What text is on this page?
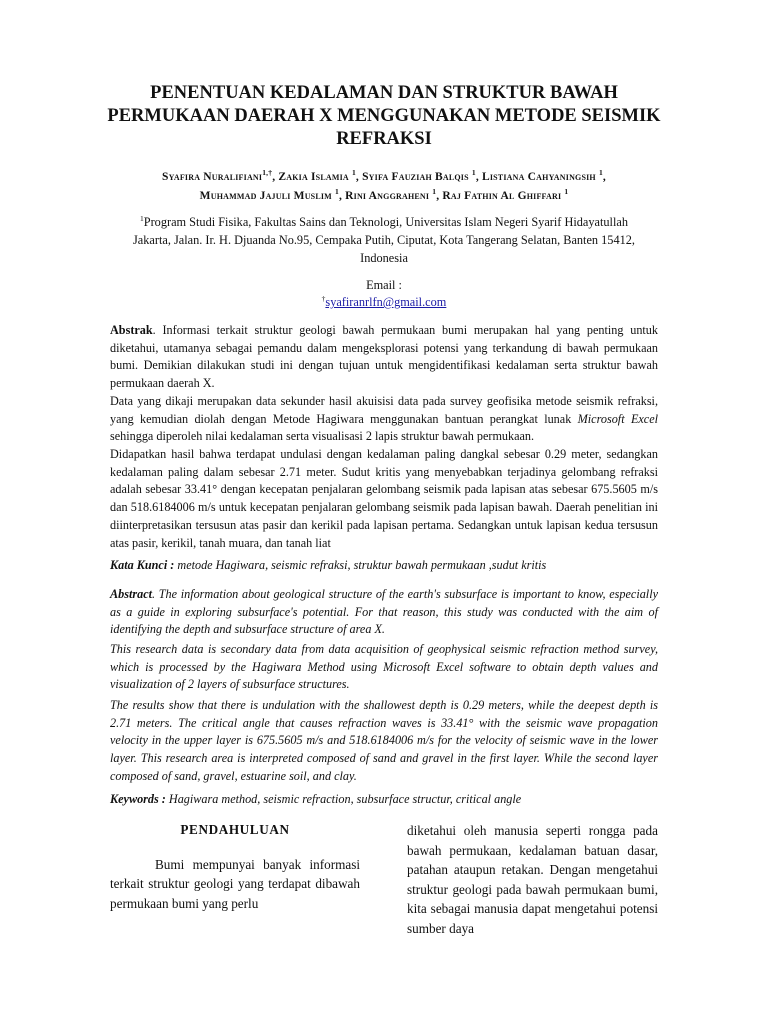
PENENTUAN KEDALAMAN DAN STRUKTUR BAWAH
PERMUKAAN DAERAH X MENGGUNAKAN METODE SEISMIK
REFRAKSI
Syafira Nuralifiani$^{1,\dagger}$, Zakia Islamia $^1$, Syifa Fauziah Balqis $^1$, Listiana Cahyaningsih $^1$,
Muhammad Jajuli Muslim $^1$, Rini Anggraheni $^1$, Raj Fathin Al Ghiffari $^1$
$^1$Program Studi Fisika, Fakultas Sains dan Teknologi, Universitas Islam Negeri Syarif Hidayatullah
Jakarta, Jalan. Ir. H. Djuanda No.95, Cempaka Putih, Ciputat, Kota Tangerang Selatan, Banten 15412,
Indonesia
Email :
†syafiranrlfn@gmail.com

Abstrak. Informasi terkait struktur geologi bawah permukaan bumi merupakan hal yang penting untuk diketahui, utamanya sebagai pemandu dalam mengeksplorasi potensi yang terkandung di bawah permukaan bumi. Demikian dilakukan studi ini dengan tujuan untuk mengidentifikasi kedalaman serta struktur bawah permukaan daerah X.

Data yang dikaji merupakan data sekunder hasil akuisisi data pada survey geofisika metode seismik refraksi, yang kemudian diolah dengan Metode Hagiwara menggunakan bantuan perangkat lunak Microsoft Excel sehingga diperoleh nilai kedalaman serta visualisasi 2 lapis struktur bawah permukaan.

Didapatkan hasil bahwa terdapat undulasi dengan kedalaman paling dangkal sebesar 0.29 meter, sedangkan kedalaman paling dalam sebesar 2.71 meter. Sudut kritis yang menyebabkan terjadinya gelombang refraksi adalah sebesar 33.41° dengan kecepatan penjalaran gelombang seismik pada lapisan atas sebesar 675.5605 m/s dan 518.6184006 m/s untuk kecepatan penjalaran gelombang seismik pada lapisan bawah. Daerah penelitian ini diinterpretasikan tersusun atas pasir dan kerikil pada lapisan pertama. Sedangkan untuk lapisan kedua tersusun atas pasir, kerikil, tanah muara, dan tanah liat

Kata Kunci : metode Hagiwara, seismic refraksi, struktur bawah permukaan ,sudut kritis

Abstract. The information about geological structure of the earth's subsurface is important to know, especially as a guide in exploring subsurface's potential. For that reason, this study was conducted with the aim of identifying the depth and subsurface structure of area X.

This research data is secondary data from data acquisition of geophysical seismic refraction method survey, which is processed by the Hagiwara Method using Microsoft Excel software to obtain depth values and visualization of 2 layers of subsurface structures.

The results show that there is undulation with the shallowest depth is 0.29 meters, while the deepest depth is 2.71 meters. The critical angle that causes refraction waves is 33.41° with the seismic wave propagation velocity in the upper layer is 675.5605 m/s and 518.6184006 m/s for the velocity of seismic wave in the lower layer. This research area is interpreted composed of sand and gravel in the first layer. While the second layer composed of sand, gravel, estuarine soil, and clay.

Keywords : Hagiwara method, seismic refraction, subsurface structur, critical angle

PENDAHULUAN

Bumi mempunyai banyak informasi terkait struktur geologi yang terdapat dibawah permukaan bumi yang perlu

diketahui oleh manusia seperti rongga pada bawah permukaan, kedalaman batuan dasar, patahan ataupun retakan. Dengan mengetahui struktur geologi pada bawah permukaan bumi, kita sebagai manusia dapat mengetahui potensi sumber daya
